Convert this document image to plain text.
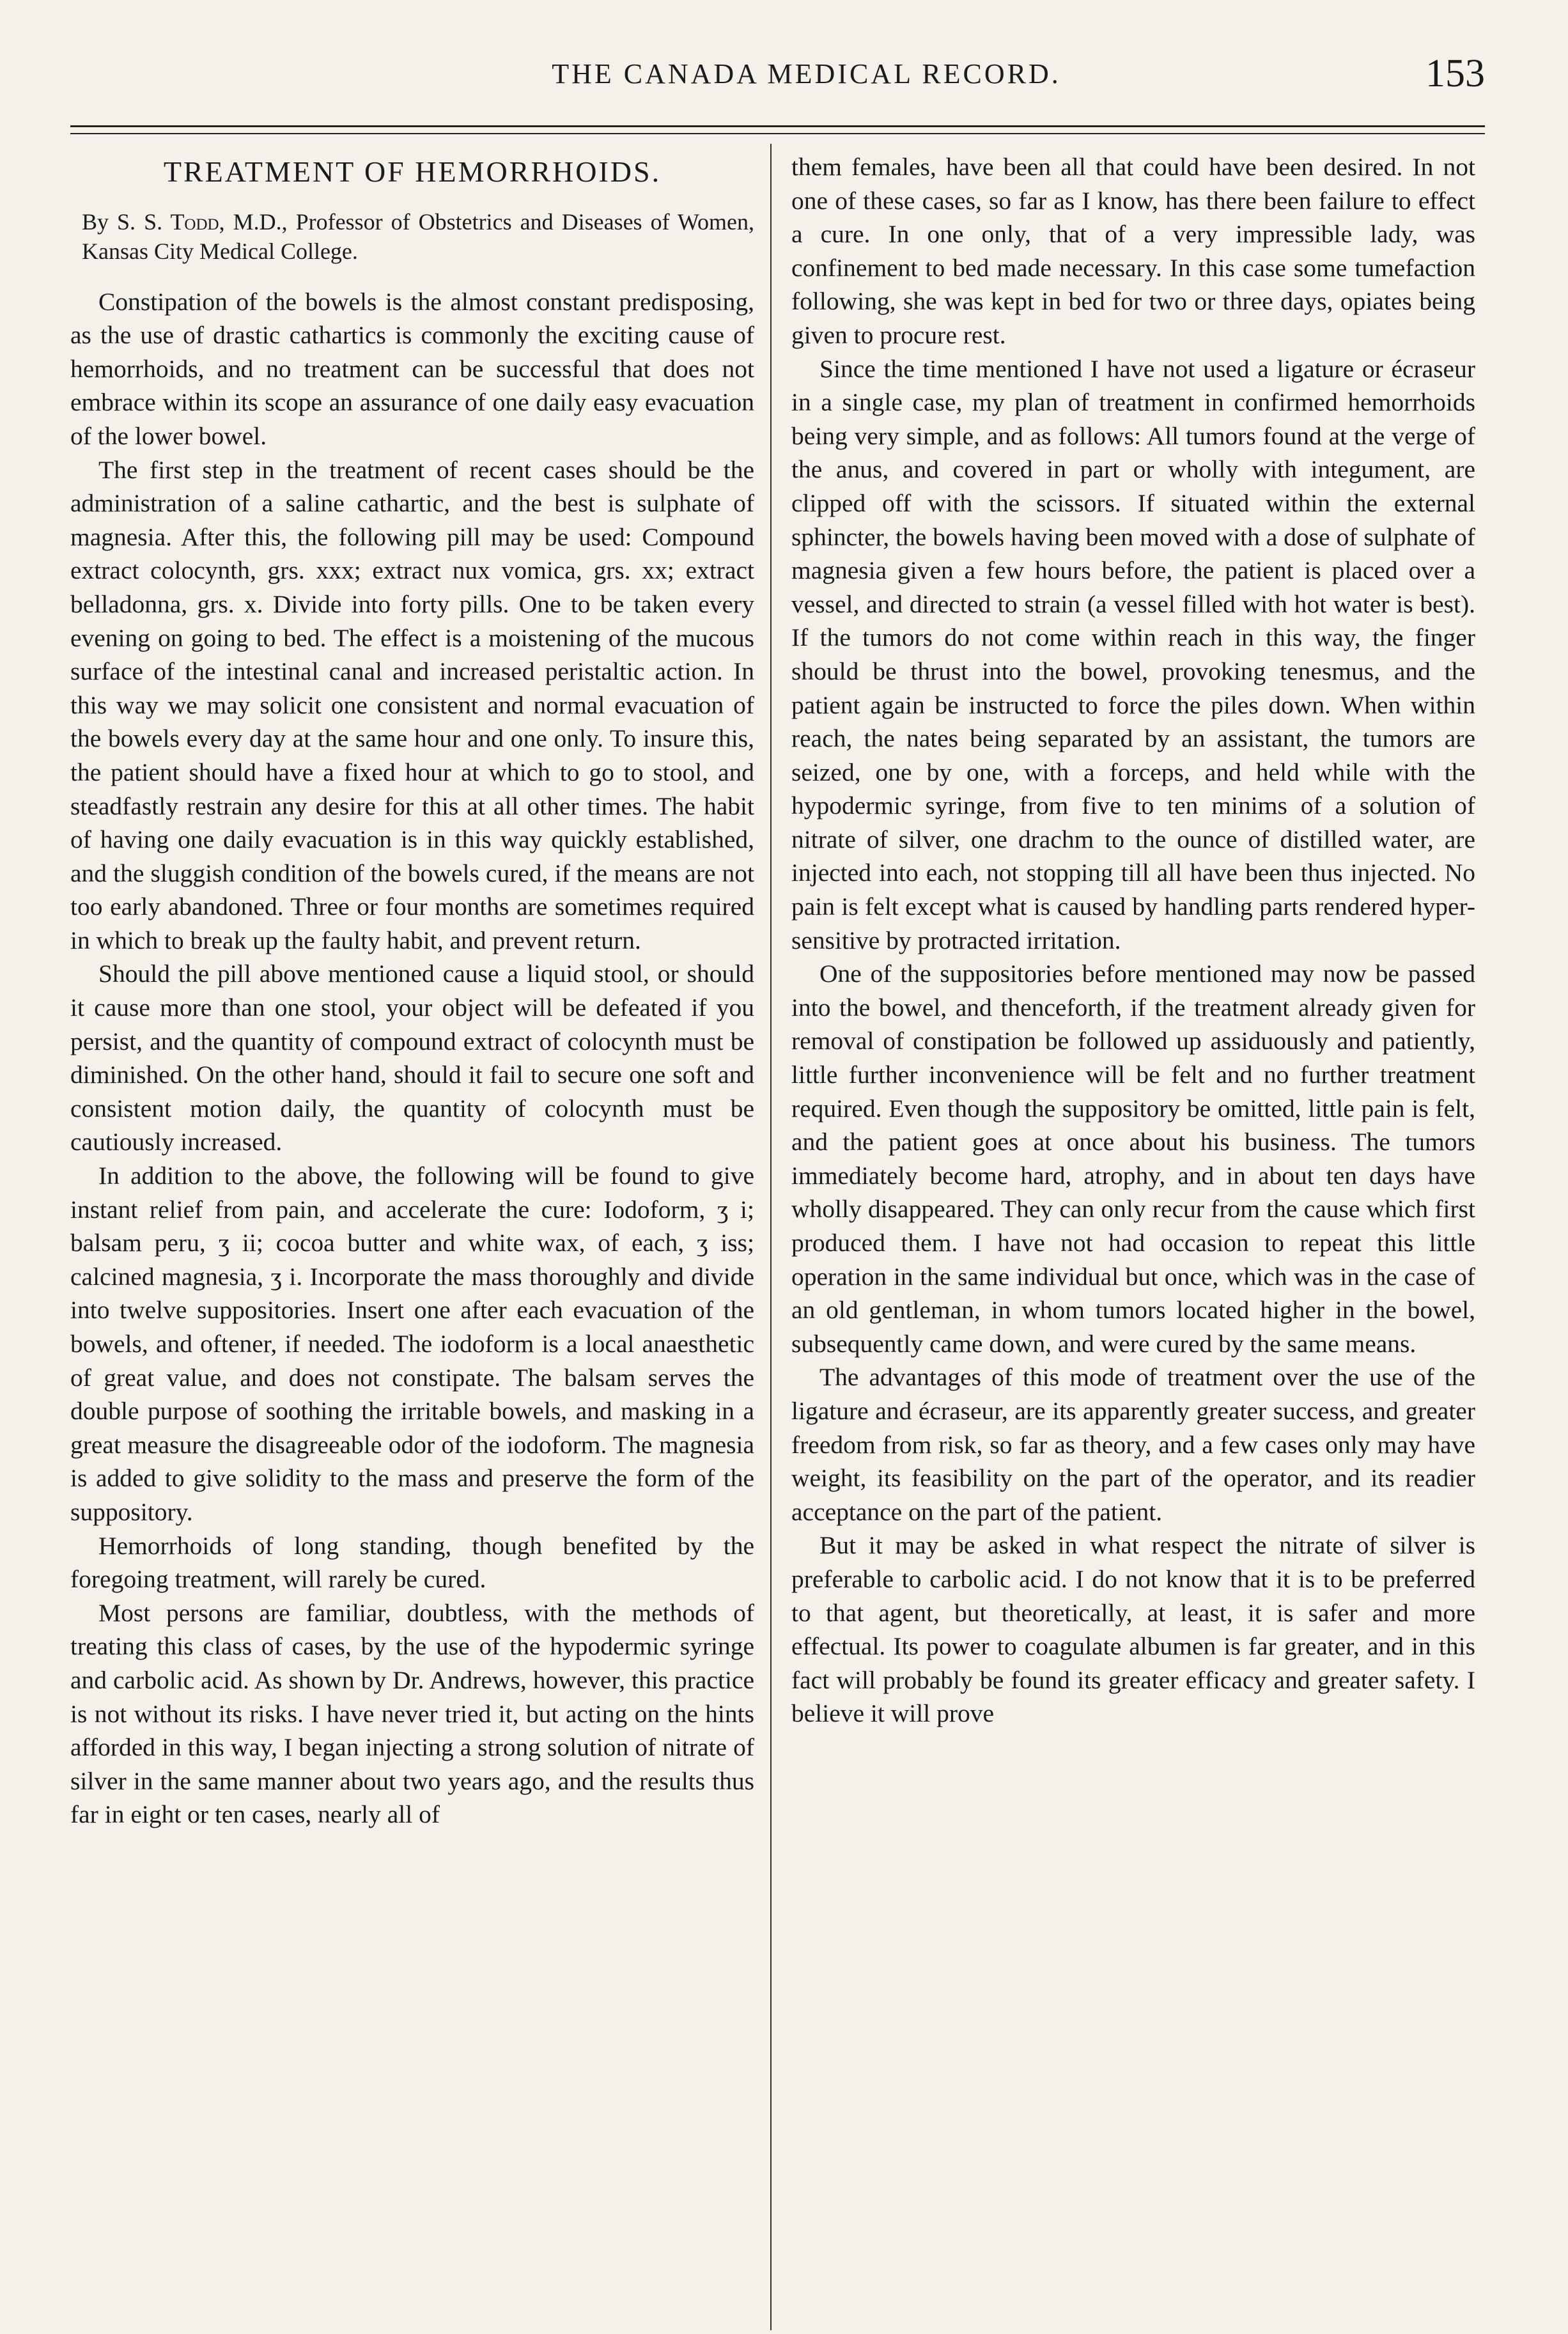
THE CANADA MEDICAL RECORD.	153
TREATMENT OF HEMORRHOIDS.
By S. S. Todd, M.D., Professor of Obstetrics and Diseases of Women, Kansas City Medical College.

Constipation of the bowels is the almost constant predisposing, as the use of drastic cathartics is commonly the exciting cause of hemorrhoids, and no treatment can be successful that does not embrace within its scope an assurance of one daily easy evacuation of the lower bowel.

The first step in the treatment of recent cases should be the administration of a saline cathartic, and the best is sulphate of magnesia. After this, the following pill may be used: Compound extract colocynth, grs. xxx; extract nux vomica, grs. xx; extract belladonna, grs. x. Divide into forty pills. One to be taken every evening on going to bed. The effect is a moistening of the mucous surface of the intestinal canal and increased peristaltic action. In this way we may solicit one consistent and normal evacuation of the bowels every day at the same hour and one only. To insure this, the patient should have a fixed hour at which to go to stool, and steadfastly restrain any desire for this at all other times. The habit of having one daily evacuation is in this way quickly established, and the sluggish condition of the bowels cured, if the means are not too early abandoned. Three or four months are sometimes required in which to break up the faulty habit, and prevent return.

Should the pill above mentioned cause a liquid stool, or should it cause more than one stool, your object will be defeated if you persist, and the quantity of compound extract of colocynth must be diminished. On the other hand, should it fail to secure one soft and consistent motion daily, the quantity of colocynth must be cautiously increased.

In addition to the above, the following will be found to give instant relief from pain, and accelerate the cure: Iodoform, ʒ i; balsam peru, ʒ ii; cocoa butter and white wax, of each, ʒ iss; calcined magnesia, ʒ i. Incorporate the mass thoroughly and divide into twelve suppositories. Insert one after each evacuation of the bowels, and oftener, if needed. The iodoform is a local anaesthetic of great value, and does not constipate. The balsam serves the double purpose of soothing the irritable bowels, and masking in a great measure the disagreeable odor of the iodoform. The magnesia is added to give solidity to the mass and preserve the form of the suppository.

Hemorrhoids of long standing, though benefited by the foregoing treatment, will rarely be cured.

Most persons are familiar, doubtless, with the methods of treating this class of cases, by the use of the hypodermic syringe and carbolic acid. As shown by Dr. Andrews, however, this practice is not without its risks. I have never tried it, but acting on the hints afforded in this way, I began injecting a strong solution of nitrate of silver in the same manner about two years ago, and the results thus far in eight or ten cases, nearly all of

them females, have been all that could have been desired. In not one of these cases, so far as I know, has there been failure to effect a cure. In one only, that of a very impressible lady, was confinement to bed made necessary. In this case some tumefaction following, she was kept in bed for two or three days, opiates being given to procure rest.

Since the time mentioned I have not used a ligature or écraseur in a single case, my plan of treatment in confirmed hemorrhoids being very simple, and as follows: All tumors found at the verge of the anus, and covered in part or wholly with integument, are clipped off with the scissors. If situated within the external sphincter, the bowels having been moved with a dose of sulphate of magnesia given a few hours before, the patient is placed over a vessel, and directed to strain (a vessel filled with hot water is best). If the tumors do not come within reach in this way, the finger should be thrust into the bowel, provoking tenesmus, and the patient again be instructed to force the piles down. When within reach, the nates being separated by an assistant, the tumors are seized, one by one, with a forceps, and held while with the hypodermic syringe, from five to ten minims of a solution of nitrate of silver, one drachm to the ounce of distilled water, are injected into each, not stopping till all have been thus injected. No pain is felt except what is caused by handling parts rendered hyper-sensitive by protracted irritation.

One of the suppositories before mentioned may now be passed into the bowel, and thenceforth, if the treatment already given for removal of constipation be followed up assiduously and patiently, little further inconvenience will be felt and no further treatment required. Even though the suppository be omitted, little pain is felt, and the patient goes at once about his business. The tumors immediately become hard, atrophy, and in about ten days have wholly disappeared. They can only recur from the cause which first produced them. I have not had occasion to repeat this little operation in the same individual but once, which was in the case of an old gentleman, in whom tumors located higher in the bowel, subsequently came down, and were cured by the same means.

The advantages of this mode of treatment over the use of the ligature and écraseur, are its apparently greater success, and greater freedom from risk, so far as theory, and a few cases only may have weight, its feasibility on the part of the operator, and its readier acceptance on the part of the patient.

But it may be asked in what respect the nitrate of silver is preferable to carbolic acid. I do not know that it is to be preferred to that agent, but theoretically, at least, it is safer and more effectual. Its power to coagulate albumen is far greater, and in this fact will probably be found its greater efficacy and greater safety. I believe it will prove
